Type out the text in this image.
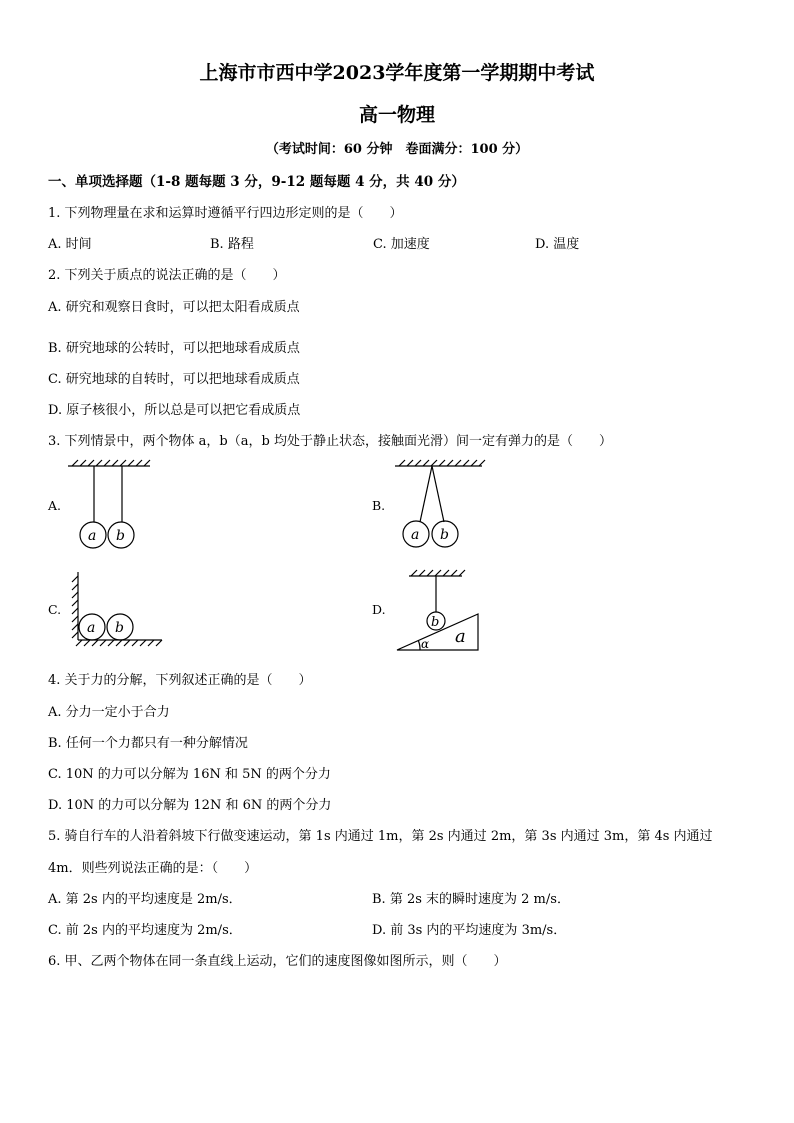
上海市市西中学2023学年度第一学期期中考试
高一物理
（考试时间：60 分钟　卷面满分：100 分）
一、单项选择题（1-8 题每题 3 分，9-12 题每题 4 分，共 40 分）
1. 下列物理量在求和运算时遵循平行四边形定则的是（　　）
A. 时间	B. 路程	C. 加速度	D. 温度
2. 下列关于质点的说法正确的是（　　）
A. 研究和观察日食时，可以把太阳看成质点
B. 研究地球的公转时，可以把地球看成质点
C. 研究地球的自转时，可以把地球看成质点
D. 原子核很小，所以总是可以把它看成质点
3. 下列情景中，两个物体 a，b（a，b 均处于静止状态，接触面光滑）间一定有弹力的是（　　）
A.	B.
C.	D.
a b	a b
a b	b
a
α
4. 关于力的分解，下列叙述正确的是（　　）
A. 分力一定小于合力
B. 任何一个力都只有一种分解情况
C. 10N 的力可以分解为 16N 和 5N 的两个分力
D. 10N 的力可以分解为 12N 和 6N 的两个分力
5. 骑自行车的人沿着斜坡下行做变速运动，第 1s 内通过 1m，第 2s 内通过 2m，第 3s 内通过 3m，第 4s 内通过
4m．则些列说法正确的是：（　　）
A. 第 2s 内的平均速度是 2m/s．	B. 第 2s 末的瞬时速度为 2 m/s．
C. 前 2s 内的平均速度为 2m/s．	D. 前 3s 内的平均速度为 3m/s．
6. 甲、乙两个物体在同一条直线上运动，它们的速度图像如图所示，则（　　）
